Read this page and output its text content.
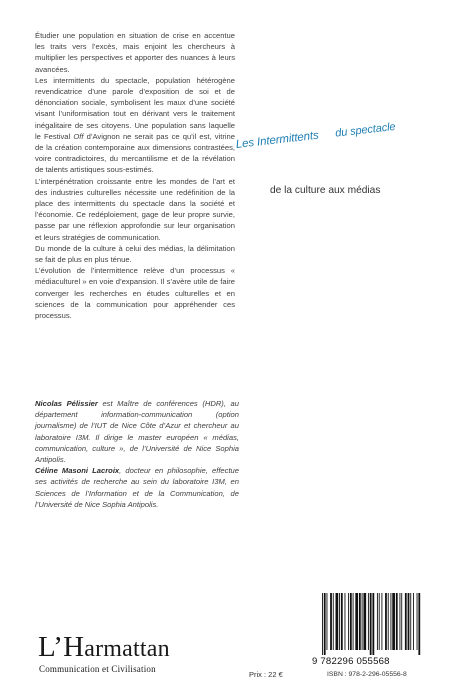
Étudier une population en situation de crise en accentue les traits vers l’excès, mais enjoint les chercheurs à multiplier les perspectives et apporter des nuances à leurs avancées.

Les intermittents du spectacle, population hétérogène revendicatrice d’une parole d’exposition de soi et de dénonciation sociale, symbolisent les maux d’une société visant l’uniformisation tout en dérivant vers le traitement inégalitaire de ses citoyens. Une population sans laquelle le Festival Off d’Avignon ne serait pas ce qu’il est, vitrine de la création contemporaine aux dimensions contrastées, voire contradictoires, du mercantilisme et de la révélation de talents artistiques sous-estimés.

L’interpénétration croissante entre les mondes de l’art et des industries culturelles nécessite une redéfinition de la place des intermittents du spectacle dans la société et l’économie. Ce redéploiement, gage de leur propre survie, passe par une réflexion approfondie sur leur organisation et leurs stratégies de communication.

Du monde de la culture à celui des médias, la délimitation se fait de plus en plus ténue.

L’évolution de l’intermittence relève d’un processus « médiaculturel » en voie d’expansion. Il s’avère utile de faire converger les recherches en études culturelles et en sciences de la communication pour appréhender ces processus.

Les Intermittents du spectacle
de la culture aux médias

Nicolas Pélissier est Maître de conférences (HDR), au département information-communication (option journalisme) de l’IUT de Nice Côte d’Azur et chercheur au laboratoire I3M. Il dirige le master européen « médias, communication, culture », de l’Université de Nice Sophia Antipolis.

Céline Masoni Lacroix, docteur en philosophie, effectue ses activités de recherche au sein du laboratoire I3M, en Sciences de l’Information et de la Communication, de l’Université de Nice Sophia Antipolis.

L’Harmattan
Communication et Civilisation
Prix : 22 €
9 782296 055568
ISBN : 978-2-296-05556-8
